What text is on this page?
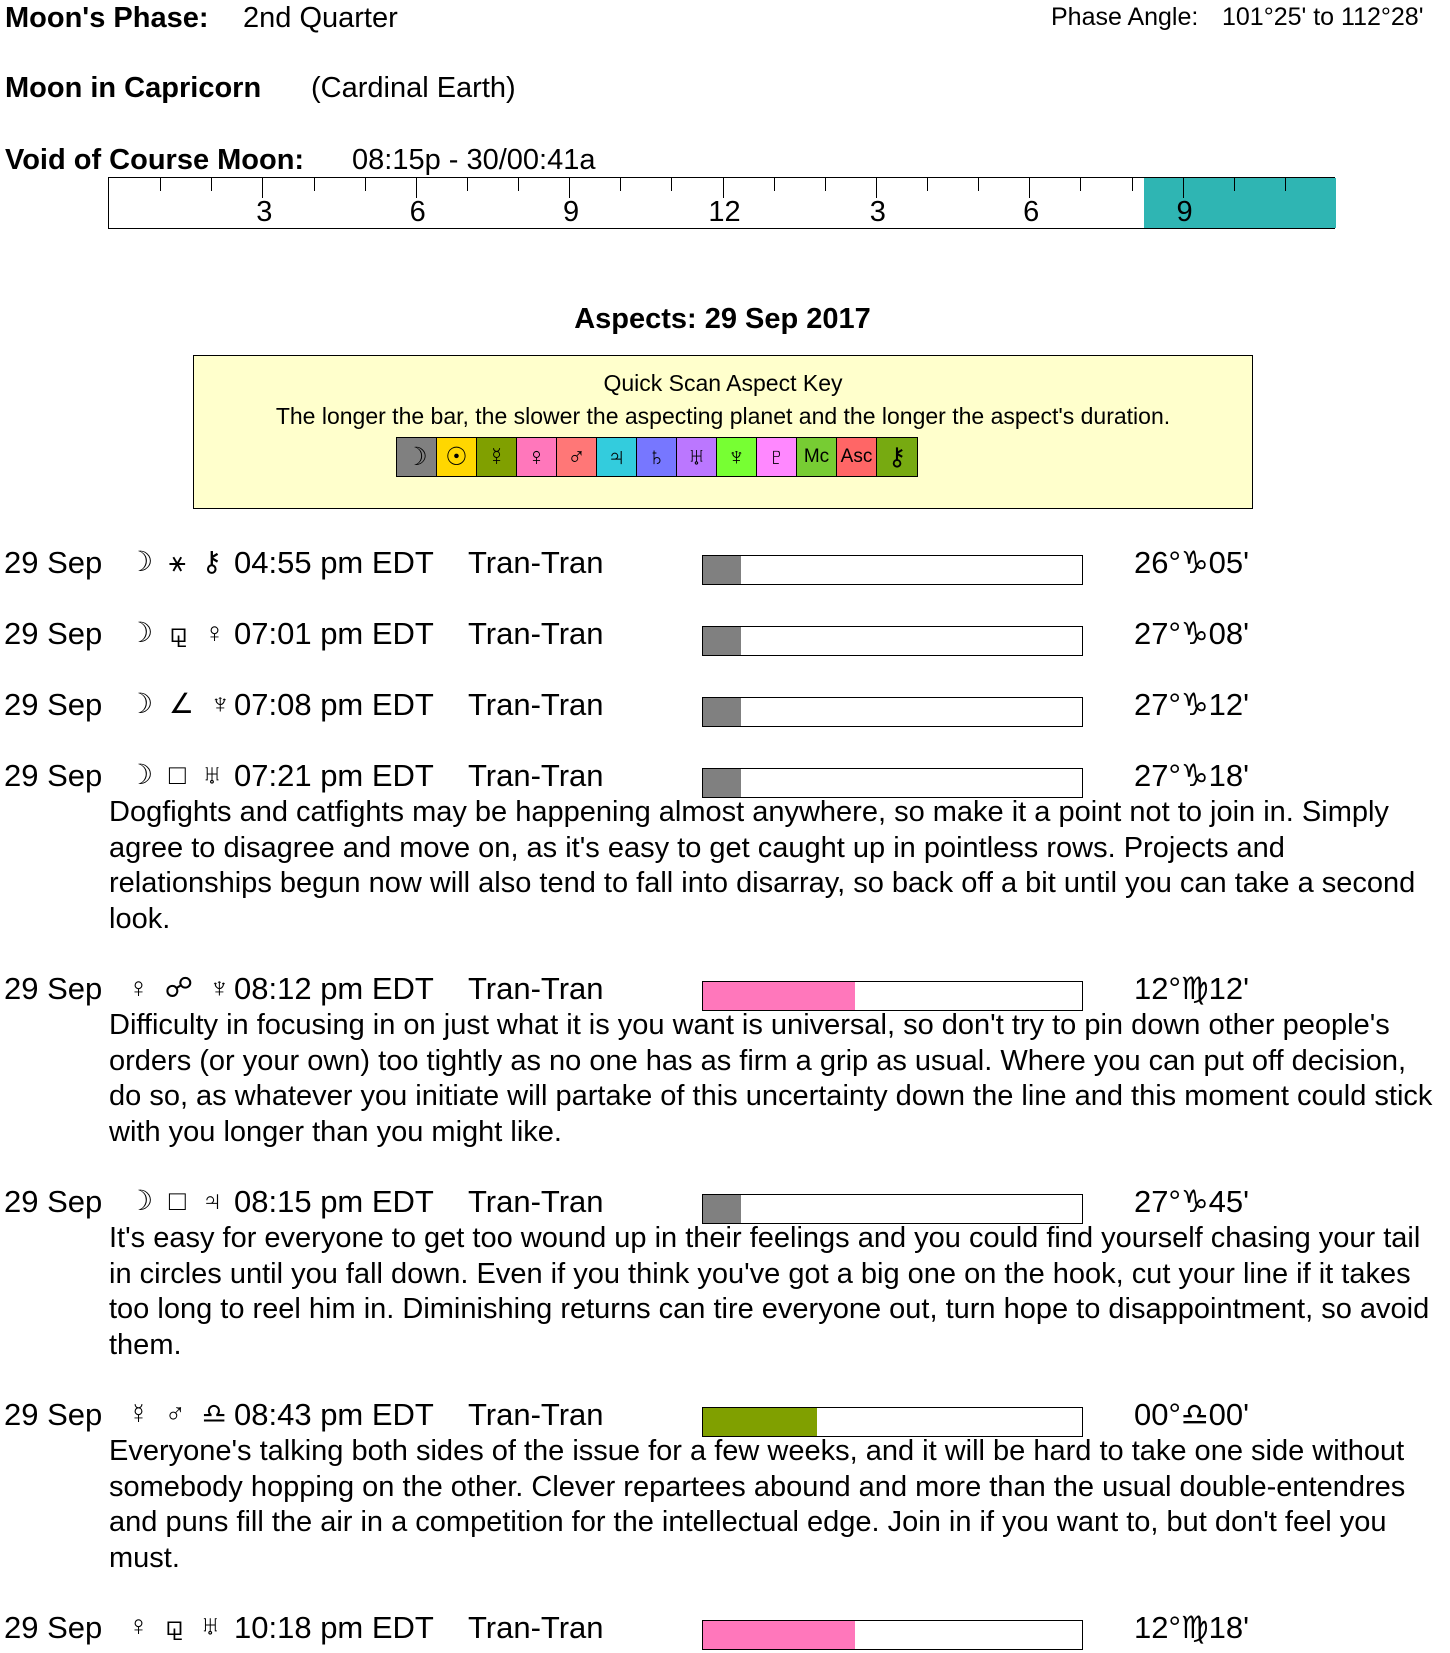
Moon's Phase: 2nd Quarter	Phase Angle: 101°25' to 112°28'
Moon in Capricorn (Cardinal Earth)
Void of Course Moon: 08:15p - 30/00:41a
3	6	9	12	3	6	9
Aspects: 29 Sep 2017
Quick Scan Aspect Key
The longer the bar, the slower the aspecting planet and the longer the aspect's duration.
☽ ☉ ☿ ♀ ♂ ♃ ♄ ♅ ♆ ♇ Mc Asc ⚷
29 Sep ☽ ⚹ ⚷ 04:55 pm EDT Tran-Tran	26°♑05'
29 Sep ☽ ⚼ ♀ 07:01 pm EDT Tran-Tran	27°♑08'
29 Sep ☽ ∠ ♆ 07:08 pm EDT Tran-Tran	27°♑12'
29 Sep ☽ □ ♅ 07:21 pm EDT Tran-Tran	27°♑18'
Dogfights and catfights may be happening almost anywhere, so make it a point not to join in. Simply agree to disagree and move on, as it's easy to get caught up in pointless rows. Projects and relationships begun now will also tend to fall into disarray, so back off a bit until you can take a second look.
29 Sep ♀ ☍ ♆ 08:12 pm EDT Tran-Tran	12°♍12'
Difficulty in focusing in on just what it is you want is universal, so don't try to pin down other people's orders (or your own) too tightly as no one has as firm a grip as usual. Where you can put off decision, do so, as whatever you initiate will partake of this uncertainty down the line and this moment could stick with you longer than you might like.
29 Sep ☽ □ ♃ 08:15 pm EDT Tran-Tran	27°♑45'
It's easy for everyone to get too wound up in their feelings and you could find yourself chasing your tail in circles until you fall down. Even if you think you've got a big one on the hook, cut your line if it takes too long to reel him in. Diminishing returns can tire everyone out, turn hope to disappointment, so avoid them.
29 Sep ☿ ♂ ♎ 08:43 pm EDT Tran-Tran	00°♎00'
Everyone's talking both sides of the issue for a few weeks, and it will be hard to take one side without somebody hopping on the other. Clever repartees abound and more than the usual double-entendres and puns fill the air in a competition for the intellectual edge. Join in if you want to, but don't feel you must.
29 Sep ♀ ⚼ ♅ 10:18 pm EDT Tran-Tran	12°♍18'
